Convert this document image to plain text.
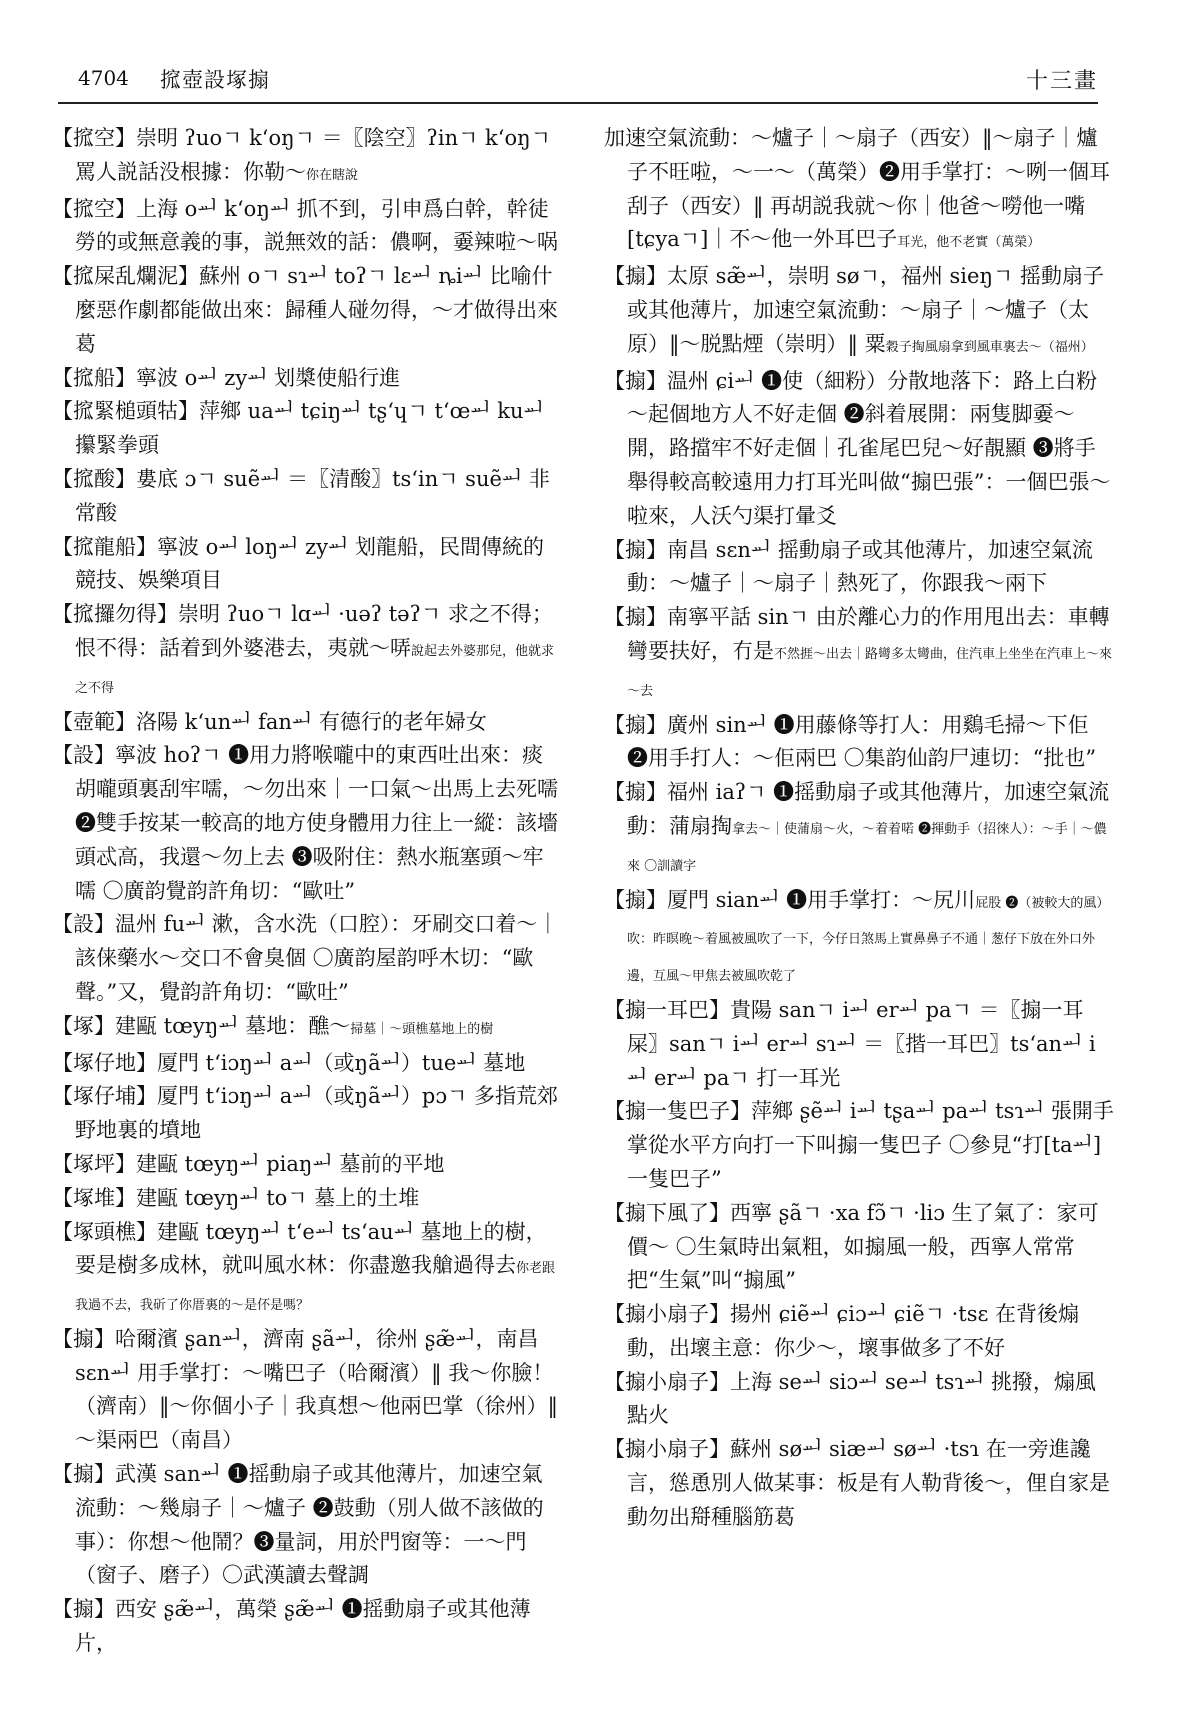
4704 搲壺設塚搧	十三畫

【搲空】崇明 ʔuoㄱ kʻoŋㄱ ＝〖陰空〗ʔinㄱ kʻoŋㄱ 罵人説話没根據：你勒～你在瞎說

【搲空】上海 oᆈ kʻoŋᆈ 抓不到，引申爲白幹，幹徒勞的或無意義的事，説無效的話：儂啊，嫑辣啦～㖞

【搲屎乱爛泥】蘇州 oㄱ sɿᆈ toʔㄱ lɛᆈ ȵiᆈ 比喻什麼惡作劇都能做出來：歸種人碰勿得，～才做得出來葛

【搲船】寧波 oᆈ zyᆈ 划槳使船行進

【搲緊槌頭牯】萍鄉 uaᆈ tɕiŋᆈ tʂʻɥㄱ tʻœᆈ kuᆈ 攥緊拳頭

【搲酸】婁底 ɔㄱ suẽᆈ ＝〖清酸〗tsʻinㄱ suẽᆈ 非常酸

【搲龍船】寧波 oᆈ loŋᆈ zyᆈ 划龍船，民間傳統的競技、娛樂項目

【搲攞勿得】崇明 ʔuoㄱ lɑᆈ ·uəʔ təʔㄱ 求之不得；恨不得：話着到外婆港去，夷就～哢說起去外婆那兒，他就求之不得

【壺範】洛陽 kʻunᆈ fanᆈ 有德行的老年婦女

【設】寧波 hoʔㄱ ❶用力將喉嚨中的東西吐出來：痰胡嚨頭裏刮牢嚅，～勿出來｜一口氣～出馬上去死嚅 ❷雙手按某一較高的地方使身體用力往上一縱：該墻頭忒高，我還～勿上去 ❸吸附住：熱水瓶塞頭～牢嚅 〇廣韵覺韵許角切：“歐吐”

【設】温州 fuᆈ 漱，含水洗（口腔）：牙刷交口着～｜該俫藥水～交口不會臭個 〇廣韵屋韵呼木切：“歐聲。”又，覺韵許角切：“歐吐”

【塚】建甌 tœyŋᆈ 墓地：醮～掃墓｜～頭樵墓地上的樹

【塚仔地】厦門 tʻiɔŋᆈ aᆈ（或ŋãᆈ）tueᆈ 墓地

【塚仔埔】厦門 tʻiɔŋᆈ aᆈ（或ŋãᆈ）pɔㄱ 多指荒郊野地裏的墳地

【塚坪】建甌 tœyŋᆈ piaŋᆈ 墓前的平地

【塚堆】建甌 tœyŋᆈ toㄱ 墓上的土堆

【塚頭樵】建甌 tœyŋᆈ tʻeᆈ tsʻauᆈ 墓地上的樹，要是樹多成林，就叫風水林：你盡邀我艙過得去你老跟我過不去，我斫了你厝裏的～是伓是嗎？

【搧】哈爾濱 ʂanᆈ，濟南 ʂãᆈ，徐州 ʂæ̃ᆈ，南昌 sɛnᆈ 用手掌打：～嘴巴子（哈爾濱）‖ 我～你臉！（濟南）‖～你個小子｜我真想～他兩巴掌（徐州）‖～渠兩巴（南昌）

【搧】武漢 sanᆈ ❶摇動扇子或其他薄片，加速空氣流動：～幾扇子｜～爐子 ❷鼓動（別人做不該做的事）：你想～他鬧？❸量詞，用於門窗等：一～門（窗子、磨子）〇武漢讀去聲調

【搧】西安 ʂæ̃ᆈ，萬榮 ʂæ̃ᆈ ❶摇動扇子或其他薄片，

加速空氣流動：～爐子｜～扇子（西安）‖～扇子｜爐子不旺啦，～一～（萬榮）❷用手掌打：～咧一個耳刮子（西安）‖ 再胡説我就～你｜他爸～嘮他一嘴[tɕyaㄱ]｜不～他一外耳巴子耳光，他不老實（萬榮）

【搧】太原 sæ̃ᆈ，崇明 søㄱ，福州 sieŋㄱ 摇動扇子或其他薄片，加速空氣流動：～扇子｜～爐子（太原）‖～脱點煙（崇明）‖ 粟穀子掏風扇拿到風車裏去～（福州）

【搧】温州 ɕiᆈ ❶使（細粉）分散地落下：路上白粉～起個地方人不好走個 ❷斜着展開：兩隻脚嫑～開，路擋牢不好走個｜孔雀尾巴兒～好靚顯 ❸將手舉得較高較遠用力打耳光叫做“搧巴張”：一個巴張～啦來，人沃勺渠打暈爻

【搧】南昌 sɛnᆈ 摇動扇子或其他薄片，加速空氣流動：～爐子｜～扇子｜熱死了，你跟我～兩下

【搧】南寧平話 sinㄱ 由於離心力的作用甩出去：車轉彎要扶好，冇是不然捱～出去｜路彎多太彎曲，住汽車上坐坐在汽車上～來～去

【搧】廣州 sinᆈ ❶用藤條等打人：用鷄毛掃～下佢 ❷用手打人：～佢兩巴 〇集韵仙韵尸連切：“批也”

【搧】福州 iaʔㄱ ❶摇動扇子或其他薄片，加速空氣流動：蒲扇掏拿去～｜使蒲扇～火，～着着喏 ❷揮動手（招徠人）：～手｜～儂來 〇訓讀字

【搧】厦門 sianᆈ ❶用手掌打：～尻川屁股 ❷（被較大的風）吹：昨暝晚～着風被風吹了一下，今仔日煞馬上實鼻鼻子不通｜葱仔下放在外口外邊，互風～甲焦去被風吹乾了

【搧一耳巴】貴陽 sanㄱ iᆈ erᆈ paㄱ ＝〖搧一耳屎〗sanㄱ iᆈ erᆈ sɿᆈ ＝〖揩一耳巴〗tsʻanᆈ iᆈ erᆈ paㄱ 打一耳光

【搧一隻巴子】萍鄉 ʂẽᆈ iᆈ tʂaᆈ paᆈ tsɿᆈ 張開手掌從水平方向打一下叫搧一隻巴子 〇參見“打[taᆈ]一隻巴子”

【搧下風了】西寧 ʂãㄱ ·xa fɔ̃ㄱ ·liɔ 生了氣了：家可價～ 〇生氣時出氣粗，如搧風一般，西寧人常常把“生氣”叫“搧風”

【搧小扇子】揚州 ɕiẽᆈ ɕiɔᆈ ɕiẽㄱ ·tsɛ 在背後煽動，出壞主意：你少～，壞事做多了不好

【搧小扇子】上海 seᆈ siɔᆈ seᆈ tsɿᆈ 挑撥，煽風點火

【搧小扇子】蘇州 søᆈ siæᆈ søᆈ ·tsɿ 在一旁進讒言，慫恿別人做某事：板是有人勒背後～，俚自家是動勿出搿種腦筋葛
